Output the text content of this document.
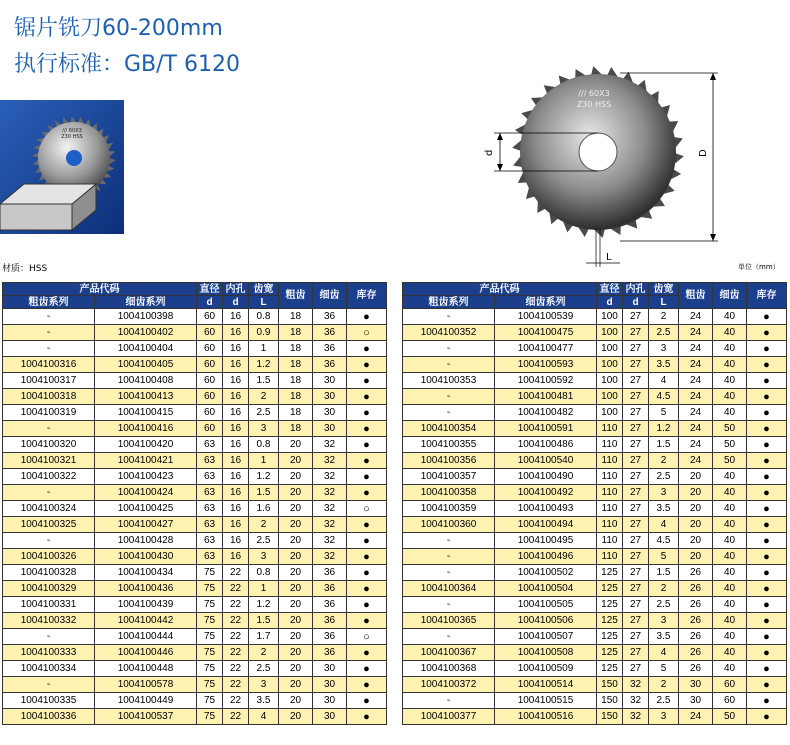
锯片铣刀60-200mm
执行标准：GB/T 6120
/// 60X3
Z30 HSS
/// 60X3
Z30 HSS
D
d
L
材质：HSS	单位（mm）
产品代码		直径	内孔	齿宽	粗齿	细齿	库存
粗齿系列	细齿系列	d	d	L			
-	1004100398	60	16	0.8	18	36	●
-	1004100402	60	16	0.9	18	36	○
-	1004100404	60	16	1	18	36	●
1004100316	1004100405	60	16	1.2	18	36	●
1004100317	1004100408	60	16	1.5	18	30	●
1004100318	1004100413	60	16	2	18	30	●
1004100319	1004100415	60	16	2.5	18	30	●
-	1004100416	60	16	3	18	30	●
1004100320	1004100420	63	16	0.8	20	32	●
1004100321	1004100421	63	16	1	20	32	●
1004100322	1004100423	63	16	1.2	20	32	●
-	1004100424	63	16	1.5	20	32	●
1004100324	1004100425	63	16	1.6	20	32	○
1004100325	1004100427	63	16	2	20	32	●
-	1004100428	63	16	2.5	20	32	●
1004100326	1004100430	63	16	3	20	32	●
1004100328	1004100434	75	22	0.8	20	36	●
1004100329	1004100436	75	22	1	20	36	●
1004100331	1004100439	75	22	1.2	20	36	●
1004100332	1004100442	75	22	1.5	20	36	●
-	1004100444	75	22	1.7	20	36	○
1004100333	1004100446	75	22	2	20	36	●
1004100334	1004100448	75	22	2.5	20	30	●
-	1004100578	75	22	3	20	30	●
1004100335	1004100449	75	22	3.5	20	30	●
1004100336	1004100537	75	22	4	20	30	●
产品代码		直径	内孔	齿宽	粗齿	细齿	库存
粗齿系列	细齿系列	d	d	L			
-	1004100539	100	27	2	24	40	●
1004100352	1004100475	100	27	2.5	24	40	●
-	1004100477	100	27	3	24	40	●
-	1004100593	100	27	3.5	24	40	●
1004100353	1004100592	100	27	4	24	40	●
-	1004100481	100	27	4.5	24	40	●
-	1004100482	100	27	5	24	40	●
1004100354	1004100591	110	27	1.2	24	50	●
1004100355	1004100486	110	27	1.5	24	50	●
1004100356	1004100540	110	27	2	24	50	●
1004100357	1004100490	110	27	2.5	20	40	●
1004100358	1004100492	110	27	3	20	40	●
1004100359	1004100493	110	27	3.5	20	40	●
1004100360	1004100494	110	27	4	20	40	●
-	1004100495	110	27	4.5	20	40	●
-	1004100496	110	27	5	20	40	●
-	1004100502	125	27	1.5	26	40	●
1004100364	1004100504	125	27	2	26	40	●
-	1004100505	125	27	2.5	26	40	●
1004100365	1004100506	125	27	3	26	40	●
-	1004100507	125	27	3.5	26	40	●
1004100367	1004100508	125	27	4	26	40	●
1004100368	1004100509	125	27	5	26	40	●
1004100372	1004100514	150	32	2	30	60	●
-	1004100515	150	32	2.5	30	60	●
1004100377	1004100516	150	32	3	24	50	●
